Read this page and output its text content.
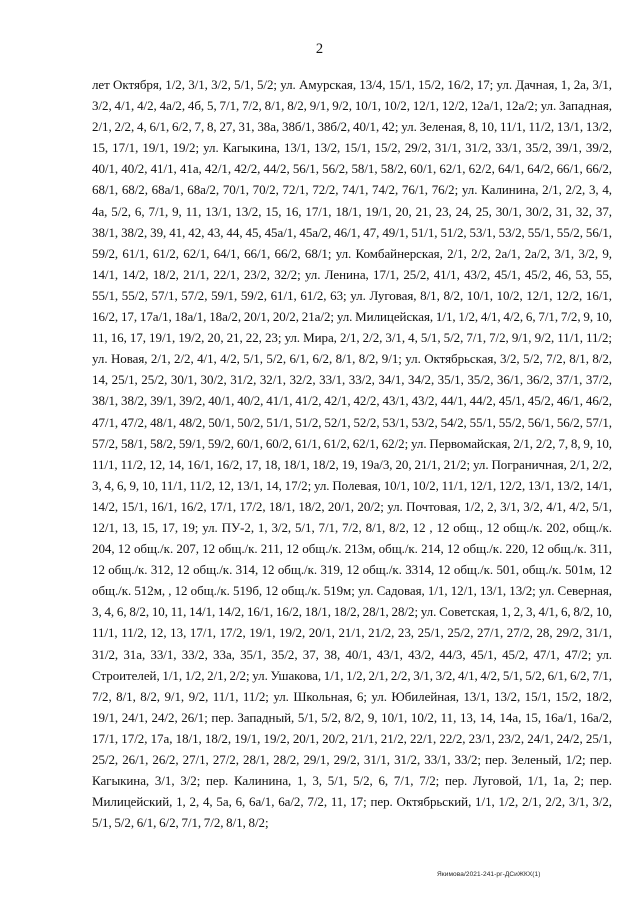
2

лет Октября, 1/2, 3/1, 3/2, 5/1, 5/2; ул. Амурская, 13/4, 15/1, 15/2, 16/2, 17; ул. Дачная, 1, 2а, 3/1, 3/2, 4/1, 4/2, 4а/2, 4б, 5, 7/1, 7/2, 8/1, 8/2, 9/1, 9/2, 10/1, 10/2, 12/1, 12/2, 12а/1, 12а/2; ул. Западная, 2/1, 2/2, 4, 6/1, 6/2, 7, 8, 27, 31, 38а, 38б/1, 38б/2, 40/1, 42; ул. Зеленая, 8, 10, 11/1, 11/2, 13/1, 13/2, 15, 17/1, 19/1, 19/2; ул. Кагыкина, 13/1, 13/2, 15/1, 15/2, 29/2, 31/1, 31/2, 33/1, 35/2, 39/1, 39/2, 40/1, 40/2, 41/1, 41а, 42/1, 42/2, 44/2, 56/1, 56/2, 58/1, 58/2, 60/1, 62/1, 62/2, 64/1, 64/2, 66/1, 66/2, 68/1, 68/2, 68а/1, 68а/2, 70/1, 70/2, 72/1, 72/2, 74/1, 74/2, 76/1, 76/2; ул. Калинина, 2/1, 2/2, 3, 4, 4а, 5/2, 6, 7/1, 9, 11, 13/1, 13/2, 15, 16, 17/1, 18/1, 19/1, 20, 21, 23, 24, 25, 30/1, 30/2, 31, 32, 37, 38/1, 38/2, 39, 41, 42, 43, 44, 45, 45а/1, 45а/2, 46/1, 47, 49/1, 51/1, 51/2, 53/1, 53/2, 55/1, 55/2, 56/1, 59/2, 61/1, 61/2, 62/1, 64/1, 66/1, 66/2, 68/1; ул. Комбайнерская, 2/1, 2/2, 2а/1, 2а/2, 3/1, 3/2, 9, 14/1, 14/2, 18/2, 21/1, 22/1, 23/2, 32/2; ул. Ленина, 17/1, 25/2, 41/1, 43/2, 45/1, 45/2, 46, 53, 55, 55/1, 55/2, 57/1, 57/2, 59/1, 59/2, 61/1, 61/2, 63; ул. Луговая, 8/1, 8/2, 10/1, 10/2, 12/1, 12/2, 16/1, 16/2, 17, 17а/1, 18а/1, 18а/2, 20/1, 20/2, 21а/2; ул. Милицейская, 1/1, 1/2, 4/1, 4/2, 6, 7/1, 7/2, 9, 10, 11, 16, 17, 19/1, 19/2, 20, 21, 22, 23; ул. Мира, 2/1, 2/2, 3/1, 4, 5/1, 5/2, 7/1, 7/2, 9/1, 9/2, 11/1, 11/2; ул. Новая, 2/1, 2/2, 4/1, 4/2, 5/1, 5/2, 6/1, 6/2, 8/1, 8/2, 9/1; ул. Октябрьская, 3/2, 5/2, 7/2, 8/1, 8/2, 14, 25/1, 25/2, 30/1, 30/2, 31/2, 32/1, 32/2, 33/1, 33/2, 34/1, 34/2, 35/1, 35/2, 36/1, 36/2, 37/1, 37/2, 38/1, 38/2, 39/1, 39/2, 40/1, 40/2, 41/1, 41/2, 42/1, 42/2, 43/1, 43/2, 44/1, 44/2, 45/1, 45/2, 46/1, 46/2, 47/1, 47/2, 48/1, 48/2, 50/1, 50/2, 51/1, 51/2, 52/1, 52/2, 53/1, 53/2, 54/2, 55/1, 55/2, 56/1, 56/2, 57/1, 57/2, 58/1, 58/2, 59/1, 59/2, 60/1, 60/2, 61/1, 61/2, 62/1, 62/2; ул. Первомайская, 2/1, 2/2, 7, 8, 9, 10, 11/1, 11/2, 12, 14, 16/1, 16/2, 17, 18, 18/1, 18/2, 19, 19а/3, 20, 21/1, 21/2; ул. Пограничная, 2/1, 2/2, 3, 4, 6, 9, 10, 11/1, 11/2, 12, 13/1, 14, 17/2; ул. Полевая, 10/1, 10/2, 11/1, 12/1, 12/2, 13/1, 13/2, 14/1, 14/2, 15/1, 16/1, 16/2, 17/1, 17/2, 18/1, 18/2, 20/1, 20/2; ул. Почтовая, 1/2, 2, 3/1, 3/2, 4/1, 4/2, 5/1, 12/1, 13, 15, 17, 19; ул. ПУ-2, 1, 3/2, 5/1, 7/1, 7/2, 8/1, 8/2, 12 , 12 общ., 12 общ./к. 202, общ./к. 204, 12 общ./к. 207, 12 общ./к. 211, 12 общ./к. 213м, общ./к. 214, 12 общ./к. 220, 12 общ./к. 311, 12 общ./к. 312, 12 общ./к. 314, 12 общ./к. 319, 12 общ./к. 3314, 12 общ./к. 501, общ./к. 501м, 12 общ./к. 512м, , 12 общ./к. 519б, 12 общ./к. 519м; ул. Садовая, 1/1, 12/1, 13/1, 13/2; ул. Северная, 3, 4, 6, 8/2, 10, 11, 14/1, 14/2, 16/1, 16/2, 18/1, 18/2, 28/1, 28/2; ул. Советская, 1, 2, 3, 4/1, 6, 8/2, 10, 11/1, 11/2, 12, 13, 17/1, 17/2, 19/1, 19/2, 20/1, 21/1, 21/2, 23, 25/1, 25/2, 27/1, 27/2, 28, 29/2, 31/1, 31/2, 31а, 33/1, 33/2, 33а, 35/1, 35/2, 37, 38, 40/1, 43/1, 43/2, 44/3, 45/1, 45/2, 47/1, 47/2; ул. Строителей, 1/1, 1/2, 2/1, 2/2; ул. Ушакова, 1/1, 1/2, 2/1, 2/2, 3/1, 3/2, 4/1, 4/2, 5/1, 5/2, 6/1, 6/2, 7/1, 7/2, 8/1, 8/2, 9/1, 9/2, 11/1, 11/2; ул. Школьная, 6; ул. Юбилейная, 13/1, 13/2, 15/1, 15/2, 18/2, 19/1, 24/1, 24/2, 26/1; пер. Западный, 5/1, 5/2, 8/2, 9, 10/1, 10/2, 11, 13, 14, 14а, 15, 16а/1, 16а/2, 17/1, 17/2, 17а, 18/1, 18/2, 19/1, 19/2, 20/1, 20/2, 21/1, 21/2, 22/1, 22/2, 23/1, 23/2, 24/1, 24/2, 25/1, 25/2, 26/1, 26/2, 27/1, 27/2, 28/1, 28/2, 29/1, 29/2, 31/1, 31/2, 33/1, 33/2; пер. Зеленый, 1/2; пер. Кагыкина, 3/1, 3/2; пер. Калинина, 1, 3, 5/1, 5/2, 6, 7/1, 7/2; пер. Луговой, 1/1, 1а, 2; пер. Милицейский, 1, 2, 4, 5а, 6, 6а/1, 6а/2, 7/2, 11, 17; пер. Октябрьский, 1/1, 1/2, 2/1, 2/2, 3/1, 3/2, 5/1, 5/2, 6/1, 6/2, 7/1, 7/2, 8/1, 8/2;

Якимова/2021-241-рг-ДСиЖКХ(1)
